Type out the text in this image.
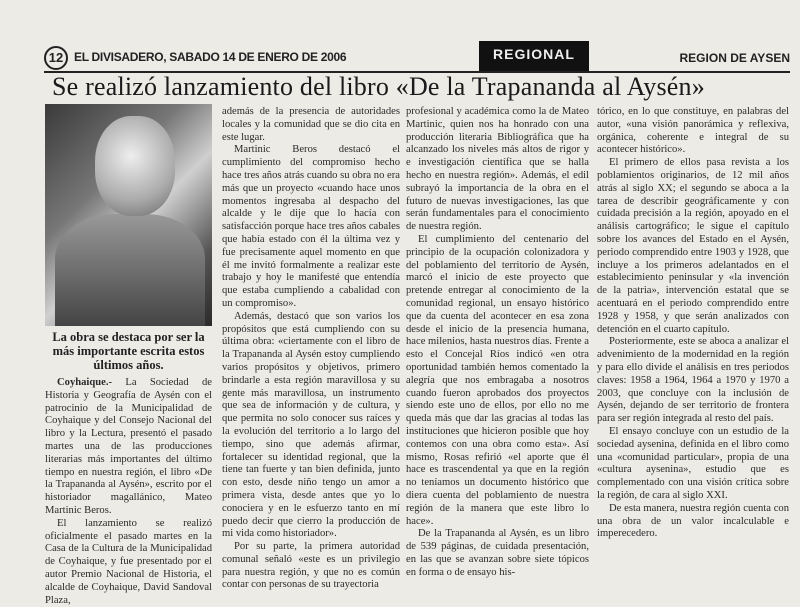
12 EL DIVISADERO, SABADO 14 DE ENERO DE 2006	REGIONAL	REGION DE AYSEN
Se realizó lanzamiento del libro «De la Trapananda al Aysén»
La obra se destaca por ser la más importante escrita estos últimos años.

Coyhaique.- La Sociedad de Historia y Geografía de Aysén con el patrocinio de la Municipalidad de Coyhaique y del Consejo Nacional del libro y la Lectura, presentó el pasado martes una de las producciones literarias más importantes del último tiempo en nuestra región, el libro «De la Trapananda al Aysén», escrito por el historiador magallánico, Mateo Martinic Beros.

El lanzamiento se realizó oficialmente el pasado martes en la Casa de la Cultura de la Municipalidad de Coyhaique, y fue presentado por el autor Premio Nacional de Historia, el alcalde de Coyhaique, David Sandoval Plaza,

además de la presencia de autoridades locales y la comunidad que se dio cita en este lugar.

Martinic Beros destacó el cumplimiento del compromiso hecho hace tres años atrás cuando su obra no era más que un proyecto «cuando hace unos momentos ingresaba al despacho del alcalde y le dije que lo hacía con satisfacción porque hace tres años cabales que había estado con él la última vez y fue precisamente aquel momento en que él me invitó formalmente a realizar este trabajo y hoy le manifesté que entendía que estaba cumpliendo a cabalidad con un compromiso».

Además, destacó que son varios los propósitos que está cumpliendo con su última obra: «ciertamente con el libro de la Trapananda al Aysén estoy cumpliendo varios propósitos y objetivos, primero brindarle a esta región maravillosa y su gente más maravillosa, un instrumento que sea de información y de cultura, y que permita no solo conocer sus raíces y la evolución del territorio a lo largo del tiempo, sino que además afirmar, fortalecer su identidad regional, que la tiene tan fuerte y tan bien definida, junto con esto, desde niño tengo un amor a primera vista, desde antes que yo lo conociera y en le esfuerzo tanto en mí puedo decir que cierro la producción de mi vida como historiador».

Por su parte, la primera autoridad comunal señaló «este es un privilegio para nuestra región, y que no es común contar con personas de su trayectoria

profesional y académica como la de Mateo Martinic, quien nos ha honrado con una producción literaria Bibliográfica que ha alcanzado los niveles más altos de rigor y e investigación científica que se halla hecho en nuestra región». Además, el edil subrayó la importancia de la obra en el futuro de nuevas investigaciones, las que serán fundamentales para el conocimiento de nuestra región.

El cumplimiento del centenario del principio de la ocupación colonizadora y del poblamiento del territorio de Aysén, marcó el inicio de este proyecto que pretende entregar al conocimiento de la comunidad regional, un ensayo histórico que da cuenta del acontecer en esa zona desde el inicio de la presencia humana, hace milenios, hasta nuestros días. Frente a esto el Concejal Ríos indicó «en otra oportunidad también hemos comentado la alegría que nos embragaba a nosotros cuando fueron aprobados dos proyectos siendo este uno de ellos, por ello no me queda más que dar las gracias al todas las instituciones que hicieron posible que hoy contemos con una obra como esta». Así mismo, Rosas refirió «el aporte que él hace es trascendental ya que en la región no teníamos un documento histórico que diera cuenta del poblamiento de nuestra región de la manera que este libro lo hace».

De la Trapananda al Aysén, es un libro de 539 páginas, de cuidada presentación, en las que se avanzan sobre siete tópicos en forma o de ensayo his-

tórico, en lo que constituye, en palabras del autor, «una visión panorámica y reflexiva, orgánica, coherente e integral de su acontecer histórico».

El primero de ellos pasa revista a los poblamientos originarios, de 12 mil años atrás al siglo XX; el segundo se aboca a la tarea de describir geográficamente y con cuidada precisión a la región, apoyado en el análisis cartográfico; le sigue el capítulo sobre los avances del Estado en el Aysén, periodo comprendido entre 1903 y 1928, que incluye a los primeros adelantados en el establecimiento peninsular y «la invención de la patria», intervención estatal que se acentuará en el periodo comprendido entre 1928 y 1958, y que serán analizados con detención en el cuarto capítulo.

Posteriormente, este se aboca a analizar el advenimiento de la modernidad en la región y para ello divide el análisis en tres periodos claves: 1958 a 1964, 1964 a 1970 y 1970 a 2003, que concluye con la inclusión de Aysén, dejando de ser territorio de frontera para ser región integrada al resto del país.

El ensayo concluye con un estudio de la sociedad aysenina, definida en el libro como una «comunidad particular», propia de una «cultura aysenina», estudio que es complementado con una visión crítica sobre la región, de cara al siglo XXI.

De esta manera, nuestra región cuenta con una obra de un valor incalculable e imperecedero.
